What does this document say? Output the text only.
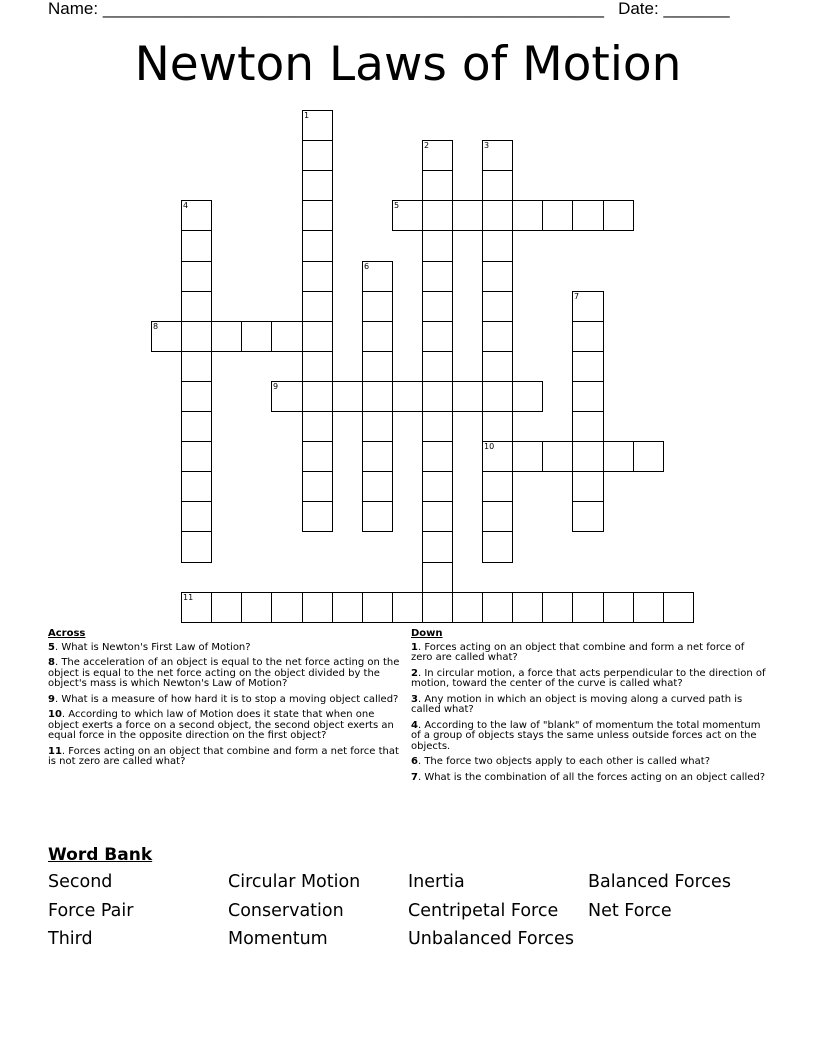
Name: _____________________________________________________ Date: _______
Newton Laws of Motion
1
2	3
10
4	5
6
7
8
9
11
Across
5. What is Newton's First Law of Motion?
8. The acceleration of an object is equal to the net force acting on the object is equal to the net force acting on the object divided by the object's mass is which Newton's Law of Motion?
9. What is a measure of how hard it is to stop a moving object called?
10. According to which law of Motion does it state that when one object exerts a force on a second object, the second object exerts an equal force in the opposite direction on the first object?
11. Forces acting on an object that combine and form a net force that is not zero are called what?
Down
1. Forces acting on an object that combine and form a net force of zero are called what?
2. In circular motion, a force that acts perpendicular to the direction of motion, toward the center of the curve is called what?
3. Any motion in which an object is moving along a curved path is called what?
4. According to the law of "blank" of momentum the total momentum of a group of objects stays the same unless outside forces act on the objects.
6. The force two objects apply to each other is called what?
7. What is the combination of all the forces acting on an object called?
Word Bank
Second	Circular Motion	Inertia	Balanced Forces
Force Pair	Conservation	Centripetal Force	Net Force
Third	Momentum	Unbalanced Forces
